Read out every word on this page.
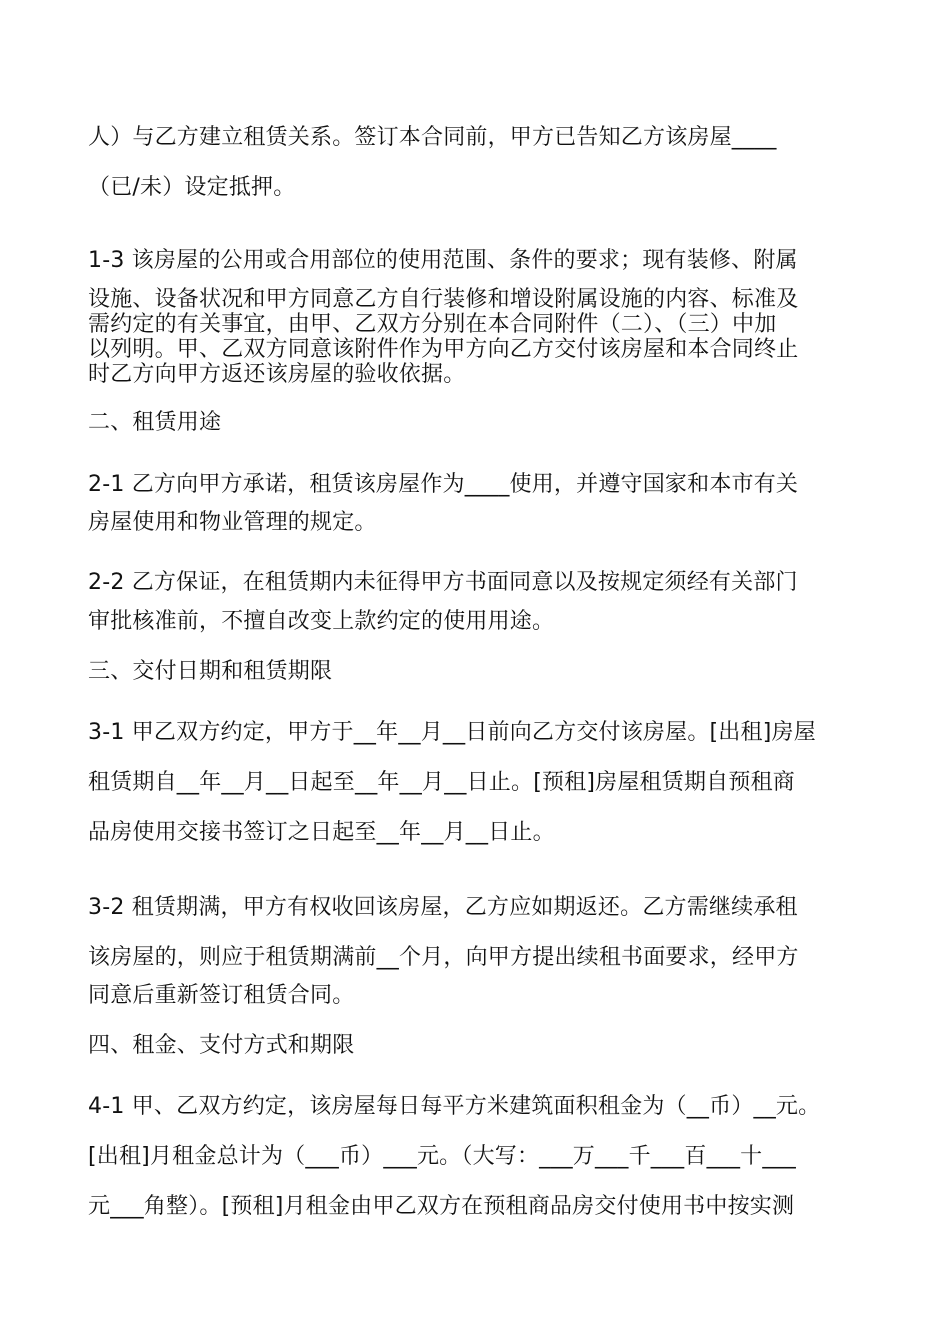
人）与乙方建立租赁关系。签订本合同前，甲方已告知乙方该房屋____
（已/未）设定抵押。
1-3 该房屋的公用或合用部位的使用范围、条件的要求；现有装修、附属
设施、设备状况和甲方同意乙方自行装修和增设附属设施的内容、标准及
需约定的有关事宜，由甲、乙双方分别在本合同附件（二）、（三）中加
以列明。甲、乙双方同意该附件作为甲方向乙方交付该房屋和本合同终止
时乙方向甲方返还该房屋的验收依据。
二、租赁用途
2-1 乙方向甲方承诺，租赁该房屋作为____使用，并遵守国家和本市有关
房屋使用和物业管理的规定。
2-2 乙方保证，在租赁期内未征得甲方书面同意以及按规定须经有关部门
审批核准前，不擅自改变上款约定的使用用途。
三、交付日期和租赁期限
3-1 甲乙双方约定，甲方于__年__月__日前向乙方交付该房屋。[出租]房屋
租赁期自__年__月__日起至__年__月__日止。[预租]房屋租赁期自预租商
品房使用交接书签订之日起至__年__月__日止。
3-2 租赁期满，甲方有权收回该房屋，乙方应如期返还。乙方需继续承租
该房屋的，则应于租赁期满前__个月，向甲方提出续租书面要求，经甲方
同意后重新签订租赁合同。
四、租金、支付方式和期限
4-1 甲、乙双方约定，该房屋每日每平方米建筑面积租金为（__币）__元。
[出租]月租金总计为（___币）___元。（大写：___万___千___百___十___
元___角整）。[预租]月租金由甲乙双方在预租商品房交付使用书中按实测
